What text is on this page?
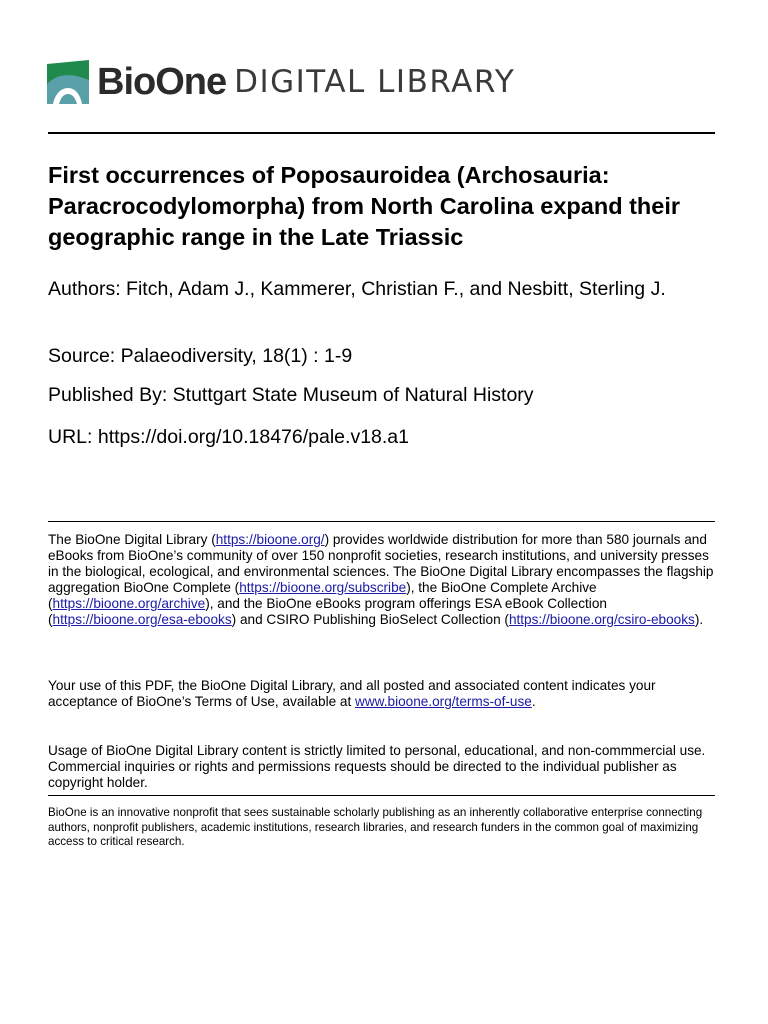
BioOne DIGITAL LIBRARY
First occurrences of Poposauroidea (Archosauria: Paracrocodylomorpha) from North Carolina expand their geographic range in the Late Triassic

Authors: Fitch, Adam J., Kammerer, Christian F., and Nesbitt, Sterling J.

Source: Palaeodiversity, 18(1) : 1-9

Published By: Stuttgart State Museum of Natural History

URL: https://doi.org/10.18476/pale.v18.a1

The BioOne Digital Library (https://bioone.org/) provides worldwide distribution for more than 580 journals and eBooks from BioOne’s community of over 150 nonprofit societies, research institutions, and university presses in the biological, ecological, and environmental sciences. The BioOne Digital Library encompasses the flagship aggregation BioOne Complete (https://bioone.org/subscribe), the BioOne Complete Archive (https://bioone.org/archive), and the BioOne eBooks program offerings ESA eBook Collection (https://bioone.org/esa-ebooks) and CSIRO Publishing BioSelect Collection (https://bioone.org/csiro-ebooks).

Your use of this PDF, the BioOne Digital Library, and all posted and associated content indicates your acceptance of BioOne’s Terms of Use, available at www.bioone.org/terms-of-use.

Usage of BioOne Digital Library content is strictly limited to personal, educational, and non-commmercial use. Commercial inquiries or rights and permissions requests should be directed to the individual publisher as copyright holder.

BioOne is an innovative nonprofit that sees sustainable scholarly publishing as an inherently collaborative enterprise connecting authors, nonprofit publishers, academic institutions, research libraries, and research funders in the common goal of maximizing access to critical research.
